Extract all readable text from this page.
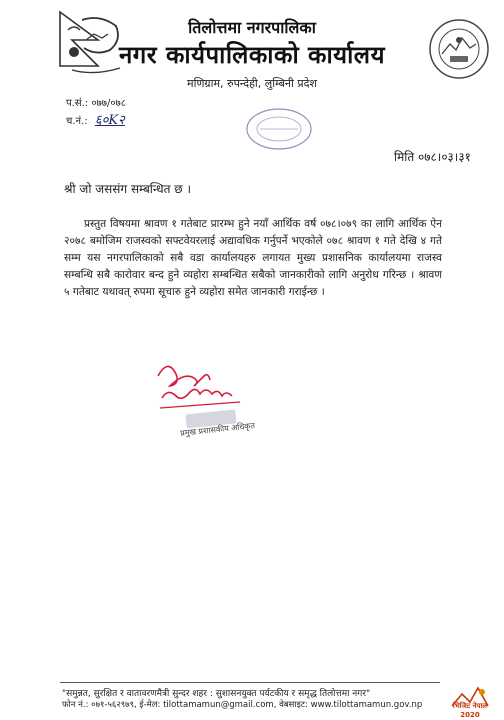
तिलोत्तमा नगरपालिका
नगर कार्यपालिकाको कार्यालय
मणिग्राम, रुपन्देही, लुम्बिनी प्रदेश
प.सं.: ०७७/०७८
च.नं.: ६०K२
मिति ०७८।०३।३१
श्री जो जससंग सम्बन्धित छ ।
प्रस्तुत विषयमा श्रावण १ गतेबाट प्रारम्भ हुने नयाँ आर्थिक वर्ष ०७८।०७९ का लागि आर्थिक ऐन २०७८ बमोजिम राजस्वको सफ्टवेयरलाई अद्यावधिक गर्नुपर्ने भएकोले ०७८ श्रावण १ गते देखि ४ गते सम्म यस नगरपालिकाको सबै वडा कार्यालयहरु लगायत मुख्य प्रशासनिक कार्यालयमा राजस्व सम्बन्धि सबै कारोवार बन्द हुने व्यहोरा सम्बन्धित सबैको जानकारीको लागि अनुरोध गरिन्छ । श्रावण ५ गतेबाट यथावत् रुपमा सूचारु हुने व्यहोरा समेत जानकारी गराईन्छ ।
प्रमुख प्रशासकीय अधिकृत
"समुन्नत, सुरक्षित र वातावरणमैत्री सुन्दर शहर : सुशासनयुक्त पर्यटकीय र समृद्ध तिलोत्तमा नगर"
फोन नं.: ०७१-५६२९७९, ई-मेल: tilottamamun@gmail.com, वेबसाइट: www.tilottamamun.gov.np	भिजिट नेपाल 2020
